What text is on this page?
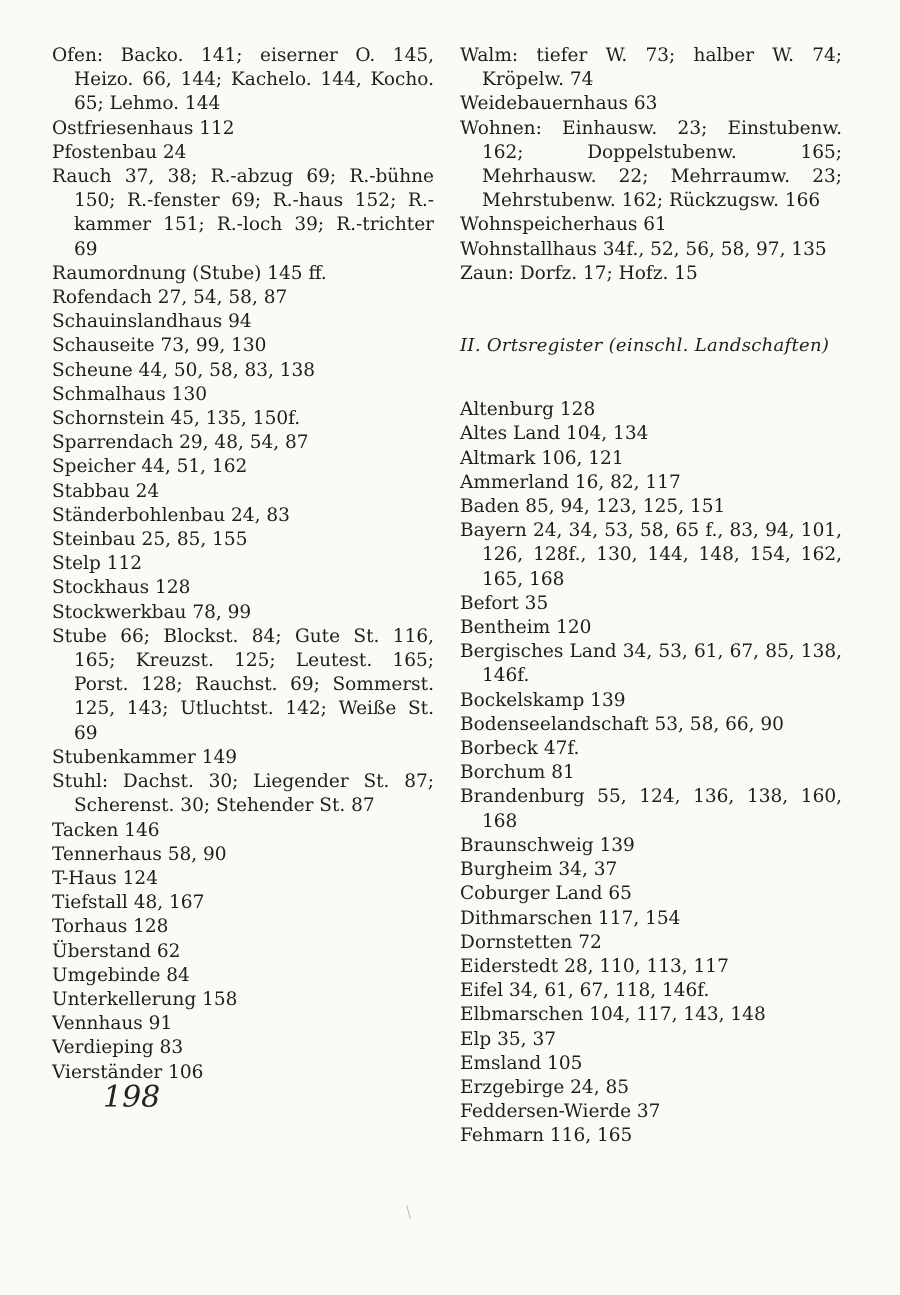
Ofen: Backo. 141; eiserner O. 145, Heizo. 66, 144; Kachelo. 144, Kocho. 65; Lehmo. 144

Ostfriesenhaus 112

Pfostenbau 24

Rauch 37, 38; R.-abzug 69; R.-bühne 150; R.-fenster 69; R.-haus 152; R.-kammer 151; R.-loch 39; R.-trichter 69

Raumordnung (Stube) 145 ff.

Rofendach 27, 54, 58, 87

Schauinslandhaus 94

Schauseite 73, 99, 130

Scheune 44, 50, 58, 83, 138

Schmalhaus 130

Schornstein 45, 135, 150f.

Sparrendach 29, 48, 54, 87

Speicher 44, 51, 162

Stabbau 24

Ständerbohlenbau 24, 83

Steinbau 25, 85, 155

Stelp 112

Stockhaus 128

Stockwerkbau 78, 99

Stube 66; Blockst. 84; Gute St. 116, 165; Kreuzst. 125; Leutest. 165; Porst. 128; Rauchst. 69; Sommerst. 125, 143; Utluchtst. 142; Weiße St. 69

Stubenkammer 149

Stuhl: Dachst. 30; Liegender St. 87; Scherenst. 30; Stehender St. 87

Tacken 146

Tennerhaus 58, 90

T-Haus 124

Tiefstall 48, 167

Torhaus 128

Überstand 62

Umgebinde 84

Unterkellerung 158

Vennhaus 91

Verdieping 83

Vierständer 106

Walm: tiefer W. 73; halber W. 74; Kröpelw. 74

Weidebauernhaus 63

Wohnen: Einhausw. 23; Einstubenw. 162; Doppelstubenw. 165; Mehrhausw. 22; Mehrraumw. 23; Mehrstubenw. 162; Rückzugsw. 166

Wohnspeicherhaus 61

Wohnstallhaus 34f., 52, 56, 58, 97, 135

Zaun: Dorfz. 17; Hofz. 15

II. Ortsregister (einschl. Landschaften)

Altenburg 128

Altes Land 104, 134

Altmark 106, 121

Ammerland 16, 82, 117

Baden 85, 94, 123, 125, 151

Bayern 24, 34, 53, 58, 65 f., 83, 94, 101, 126, 128f., 130, 144, 148, 154, 162, 165, 168

Befort 35

Bentheim 120

Bergisches Land 34, 53, 61, 67, 85, 138, 146f.

Bockelskamp 139

Bodenseelandschaft 53, 58, 66, 90

Borbeck 47f.

Borchum 81

Brandenburg 55, 124, 136, 138, 160, 168

Braunschweig 139

Burgheim 34, 37

Coburger Land 65

Dithmarschen 117, 154

Dornstetten 72

Eiderstedt 28, 110, 113, 117

Eifel 34, 61, 67, 118, 146f.

Elbmarschen 104, 117, 143, 148

Elp 35, 37

Emsland 105

Erzgebirge 24, 85

Feddersen-Wierde 37

Fehmarn 116, 165

198
